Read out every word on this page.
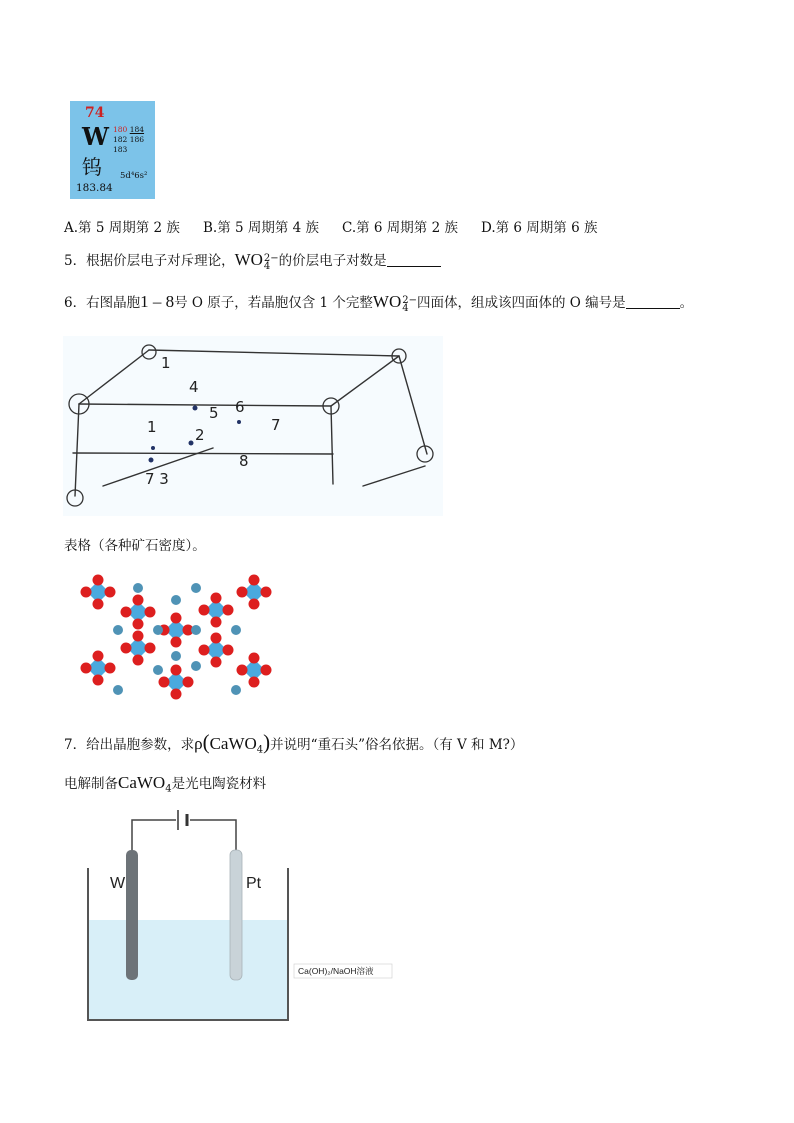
74
W
钨
180 184
182 186
183
5d⁴6s²
183.84
A.第 5 周期第 2 族 B.第 5 周期第 4 族 C.第 6 周期第 2 族 D.第 6 周期第 6 族
5．根据价层电子对斥理论，WO 2−
4 的价层电子对数是
6．右图晶胞1 – 8号 O 原子，若晶胞仅含 1 个完整WO 2−
4 四面体，组成该四面体的 O 编号是	。
4
6
5
7
1	2
8
7 3
1
表格（各种矿石密度）。
7．给出晶胞参数，求ρ(CaWO$_4$)并说明“重石头”俗名依据。（有 V 和 M?）
电解制备CaWO$_4$是光电陶瓷材料
W	Pt
Ca(OH)₂/NaOH溶液
